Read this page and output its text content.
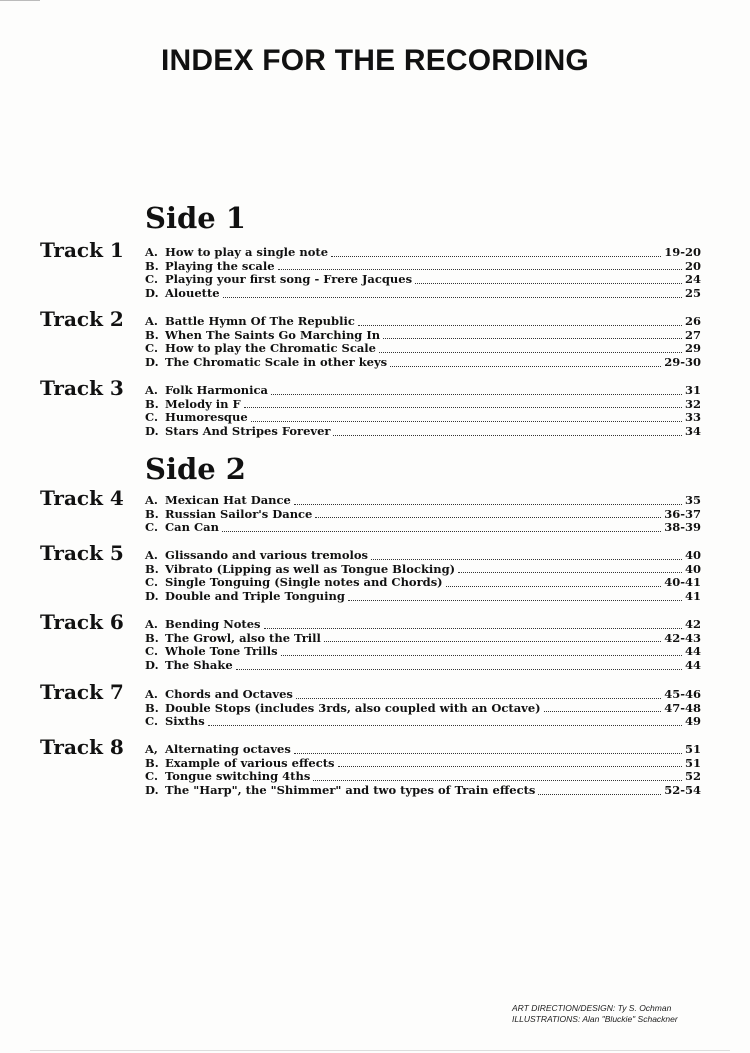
INDEX FOR THE RECORDING
Side 1
Side 2
Track 1 A. How to play a single note	19-20
B. Playing the scale	20
C. Playing your first song - Frere Jacques	24
D. Alouette	25
Track 2 A. Battle Hymn Of The Republic	26
B. When The Saints Go Marching In	27
C. How to play the Chromatic Scale	29
D. The Chromatic Scale in other keys	29-30
Track 3 A. Folk Harmonica	31
B. Melody in F	32
C. Humoresque	33
D. Stars And Stripes Forever	34
Track 4 A. Mexican Hat Dance	35
B. Russian Sailor's Dance	36-37
C. Can Can	38-39
Track 5 A. Glissando and various tremolos	40
B. Vibrato (Lipping as well as Tongue Blocking)	40
C. Single Tonguing (Single notes and Chords)	40-41
D. Double and Triple Tonguing	41
Track 6 A. Bending Notes	42
B. The Growl, also the Trill	42-43
C. Whole Tone Trills	44
D. The Shake	44
Track 7 A. Chords and Octaves	45-46
B. Double Stops (includes 3rds, also coupled with an Octave)	47-48
C. Sixths	49
Track 8 A, Alternating octaves	51
B. Example of various effects	51
C. Tongue switching 4ths	52
D. The "Harp", the "Shimmer" and two types of Train effects	52-54
ART DIRECTION/DESIGN: Ty S. Ochman
ILLUSTRATIONS: Alan "Bluckie" Schackner
